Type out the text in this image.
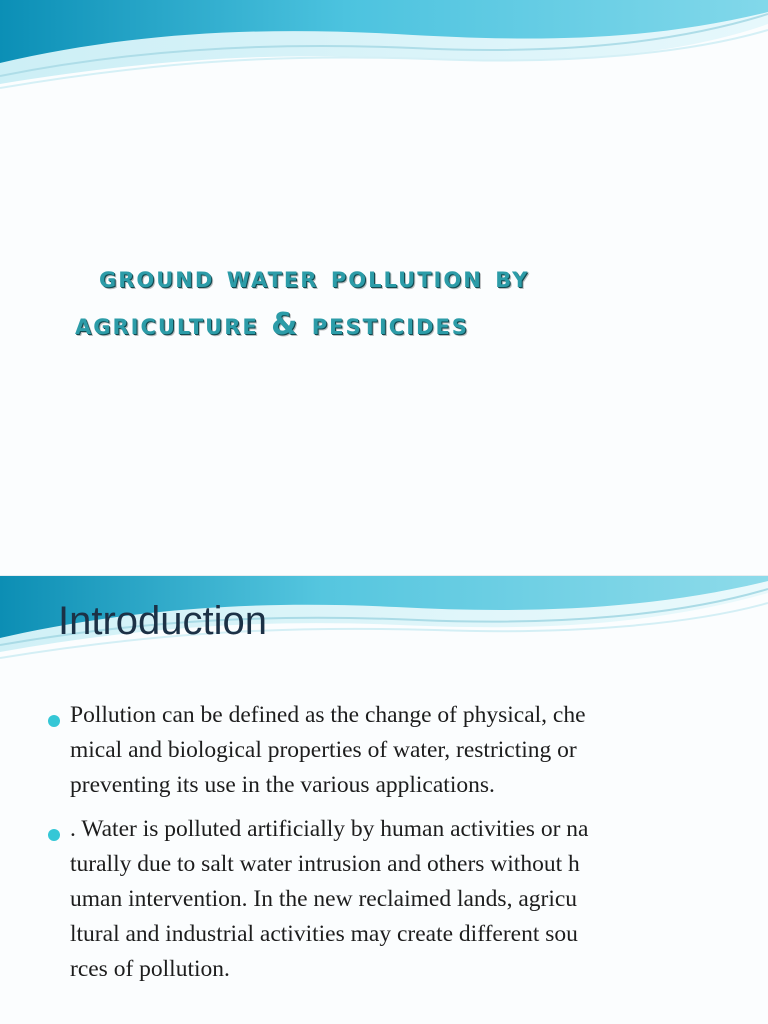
ground water pollution by
agriculture & pesticides
Introduction
Pollution can be defined as the change of physical, che
mical and biological properties of water, restricting or
preventing its use in the various applications.
. Water is polluted artificially by human activities or na
turally due to salt water intrusion and others without h
uman intervention. In the new reclaimed lands, agricu
ltural and industrial activities may create different sou
rces of pollution.
